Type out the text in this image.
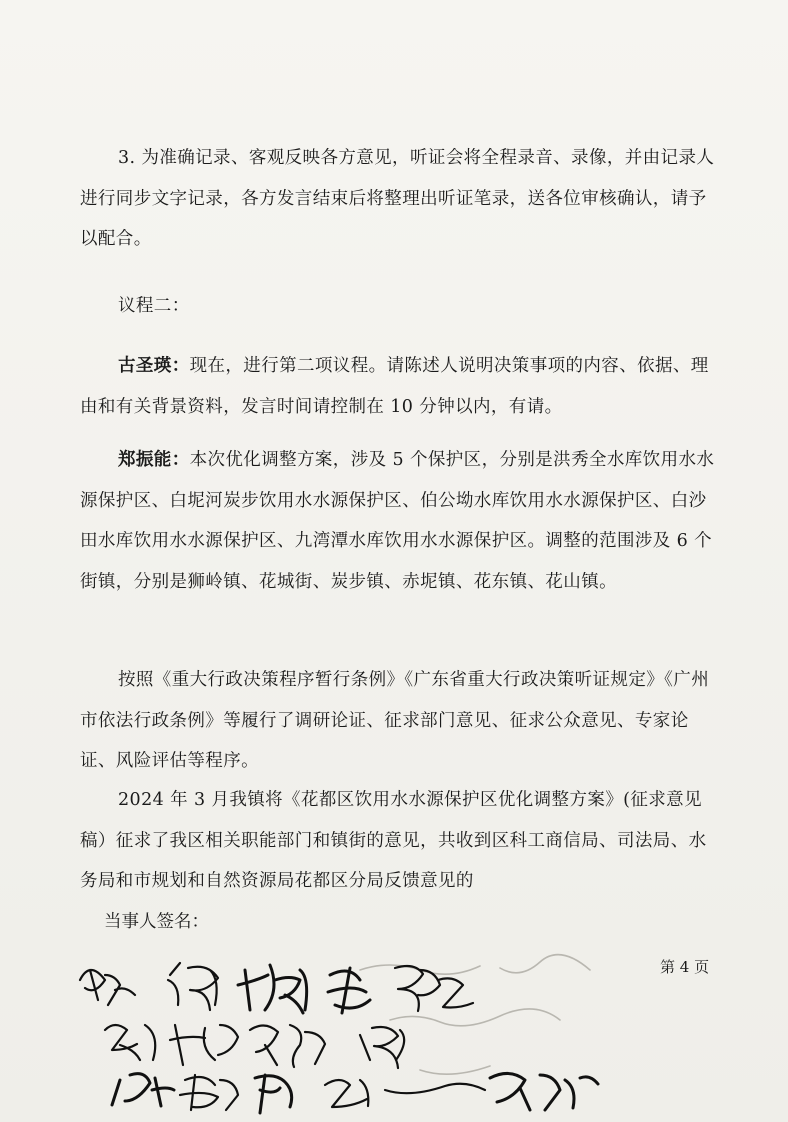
3. 为准确记录、客观反映各方意见，听证会将全程录音、录像，并由记录人进行同步文字记录，各方发言结束后将整理出听证笔录，送各位审核确认，请予以配合。

议程二：

古圣瑛：现在，进行第二项议程。请陈述人说明决策事项的内容、依据、理由和有关背景资料，发言时间请控制在 10 分钟以内，有请。

郑振能：本次优化调整方案，涉及 5 个保护区，分别是洪秀全水库饮用水水源保护区、白坭河炭步饮用水水源保护区、伯公坳水库饮用水水源保护区、白沙田水库饮用水水源保护区、九湾潭水库饮用水水源保护区。调整的范围涉及 6 个街镇，分别是狮岭镇、花城街、炭步镇、赤坭镇、花东镇、花山镇。

按照《重大行政决策程序暂行条例》《广东省重大行政决策听证规定》《广州市依法行政条例》等履行了调研论证、征求部门意见、征求公众意见、专家论证、风险评估等程序。

2024 年 3 月我镇将《花都区饮用水水源保护区优化调整方案》(征求意见稿）征求了我区相关职能部门和镇街的意见，共收到区科工商信局、司法局、水务局和市规划和自然资源局花都区分局反馈意见的

当事人签名：
第 4 页
